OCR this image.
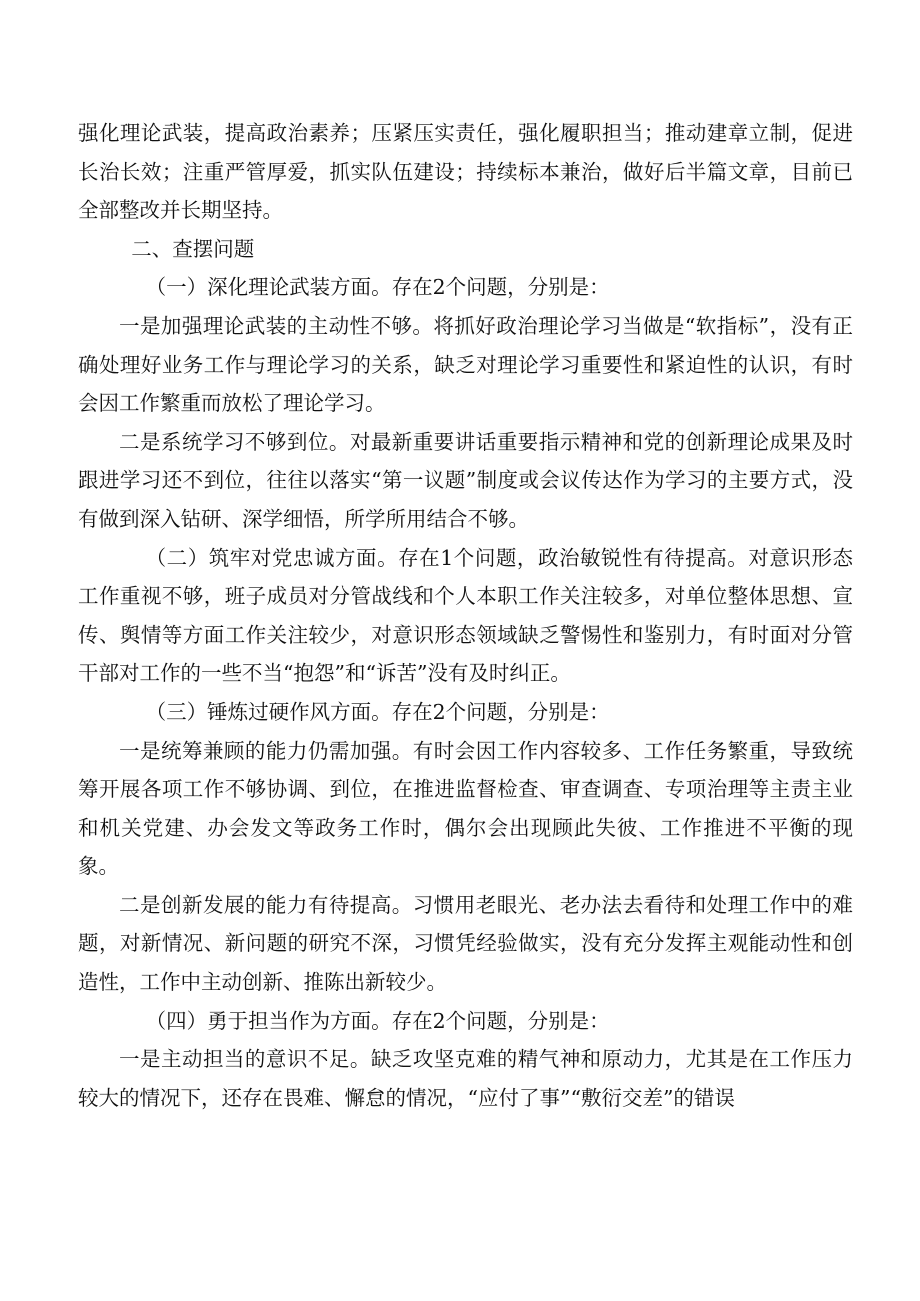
强化理论武装，提高政治素养；压紧压实责任，强化履职担当；推动建章立制，促进长治长效；注重严管厚爱，抓实队伍建设；持续标本兼治，做好后半篇文章，目前已全部整改并长期坚持。

二、查摆问题

（一）深化理论武装方面。存在2个问题，分别是：

一是加强理论武装的主动性不够。将抓好政治理论学习当做是“软指标”，没有正确处理好业务工作与理论学习的关系，缺乏对理论学习重要性和紧迫性的认识，有时会因工作繁重而放松了理论学习。

二是系统学习不够到位。对最新重要讲话重要指示精神和党的创新理论成果及时跟进学习还不到位，往往以落实“第一议题”制度或会议传达作为学习的主要方式，没有做到深入钻研、深学细悟，所学所用结合不够。

（二）筑牢对党忠诚方面。存在1个问题，政治敏锐性有待提高。对意识形态工作重视不够，班子成员对分管战线和个人本职工作关注较多，对单位整体思想、宣传、舆情等方面工作关注较少，对意识形态领域缺乏警惕性和鉴别力，有时面对分管干部对工作的一些不当“抱怨”和“诉苦”没有及时纠正。

（三）锤炼过硬作风方面。存在2个问题，分别是：

一是统筹兼顾的能力仍需加强。有时会因工作内容较多、工作任务繁重，导致统筹开展各项工作不够协调、到位，在推进监督检查、审查调查、专项治理等主责主业和机关党建、办会发文等政务工作时，偶尔会出现顾此失彼、工作推进不平衡的现象。

二是创新发展的能力有待提高。习惯用老眼光、老办法去看待和处理工作中的难题，对新情况、新问题的研究不深，习惯凭经验做实，没有充分发挥主观能动性和创造性，工作中主动创新、推陈出新较少。

（四）勇于担当作为方面。存在2个问题，分别是：

一是主动担当的意识不足。缺乏攻坚克难的精气神和原动力，尤其是在工作压力较大的情况下，还存在畏难、懈怠的情况，“应付了事”“敷衍交差”的错误
